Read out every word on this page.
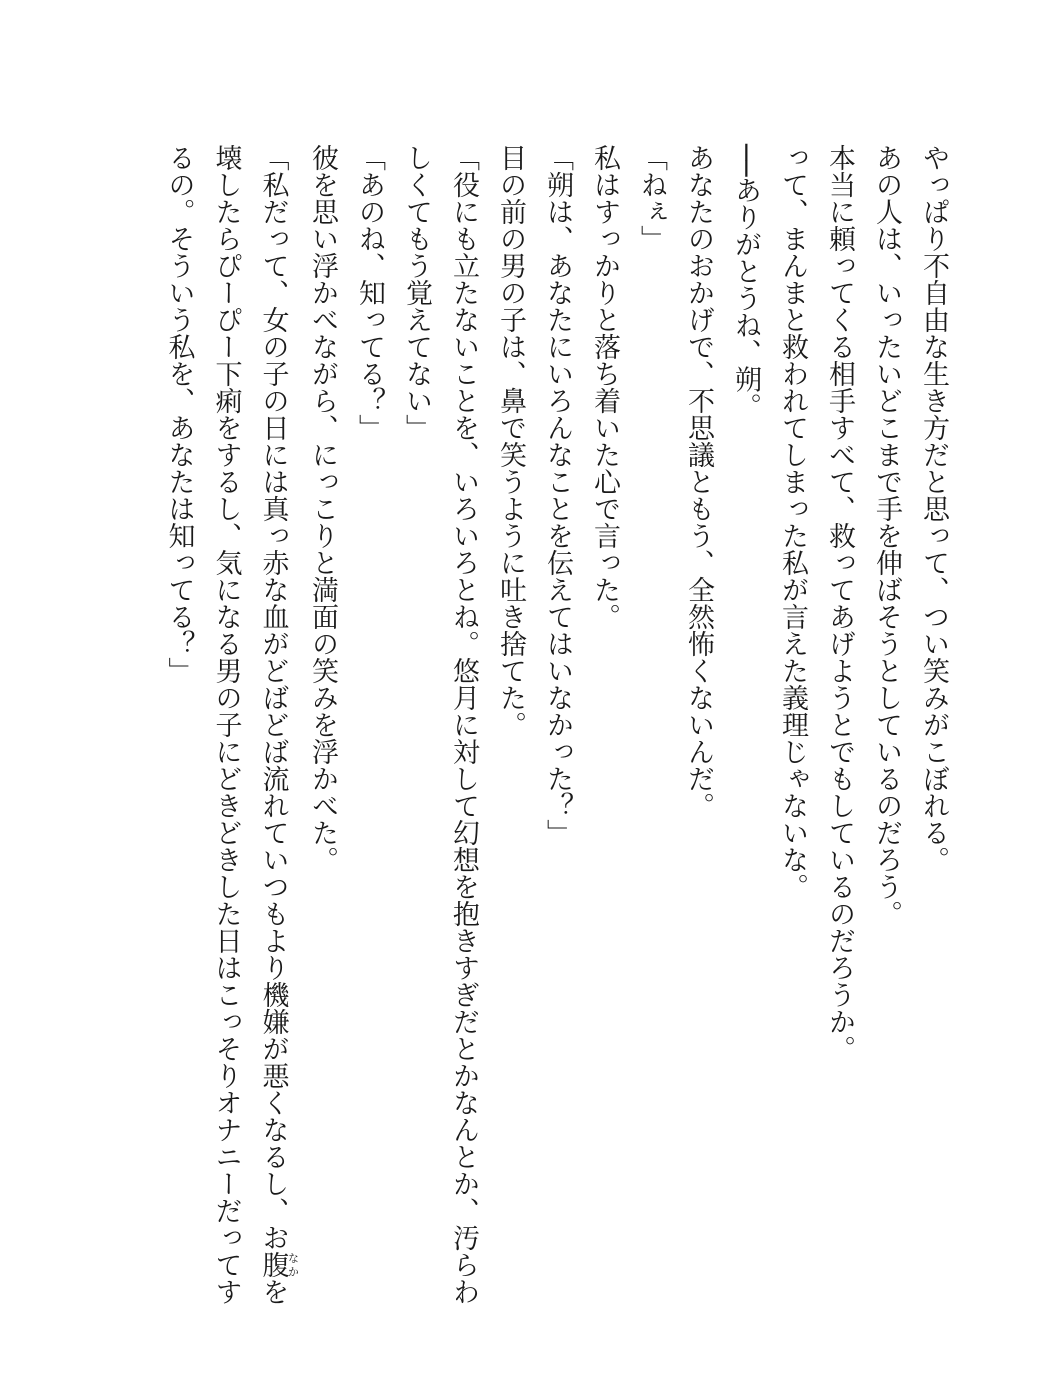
やっぱり不自由な生き方だと思って、つい笑みがこぼれる。
あの人は、いったいどこまで手を伸ばそうとしているのだろう。
本当に頼ってくる相手すべて、救ってあげようとでもしているのだろうか。
って、まんまと救われてしまった私が言えた義理じゃないな。
──ありがとうね、朔。
あなたのおかげで、不思議ともう、全然怖くないんだ。
「ねぇ」
私はすっかりと落ち着いた心で言った。
「朔は、あなたにいろんなことを伝えてはいなかった？」
目の前の男の子は、鼻で笑うように吐き捨てた。
「役にも立たないことを、いろいろとね。悠月に対して幻想を抱きすぎだとかなんとか、汚らわ
しくてもう覚えてない」
「あのね、知ってる？」
彼を思い浮かべながら、にっこりと満面の笑みを浮かべた。
「私だって、女の子の日には真っ赤な血がどばどば流れていつもより機嫌が悪くなるし、お腹なかを
壊したらぴーぴー下痢をするし、気になる男の子にどきどきした日はこっそりオナニーだってす
るの。そういう私を、あなたは知ってる？」
